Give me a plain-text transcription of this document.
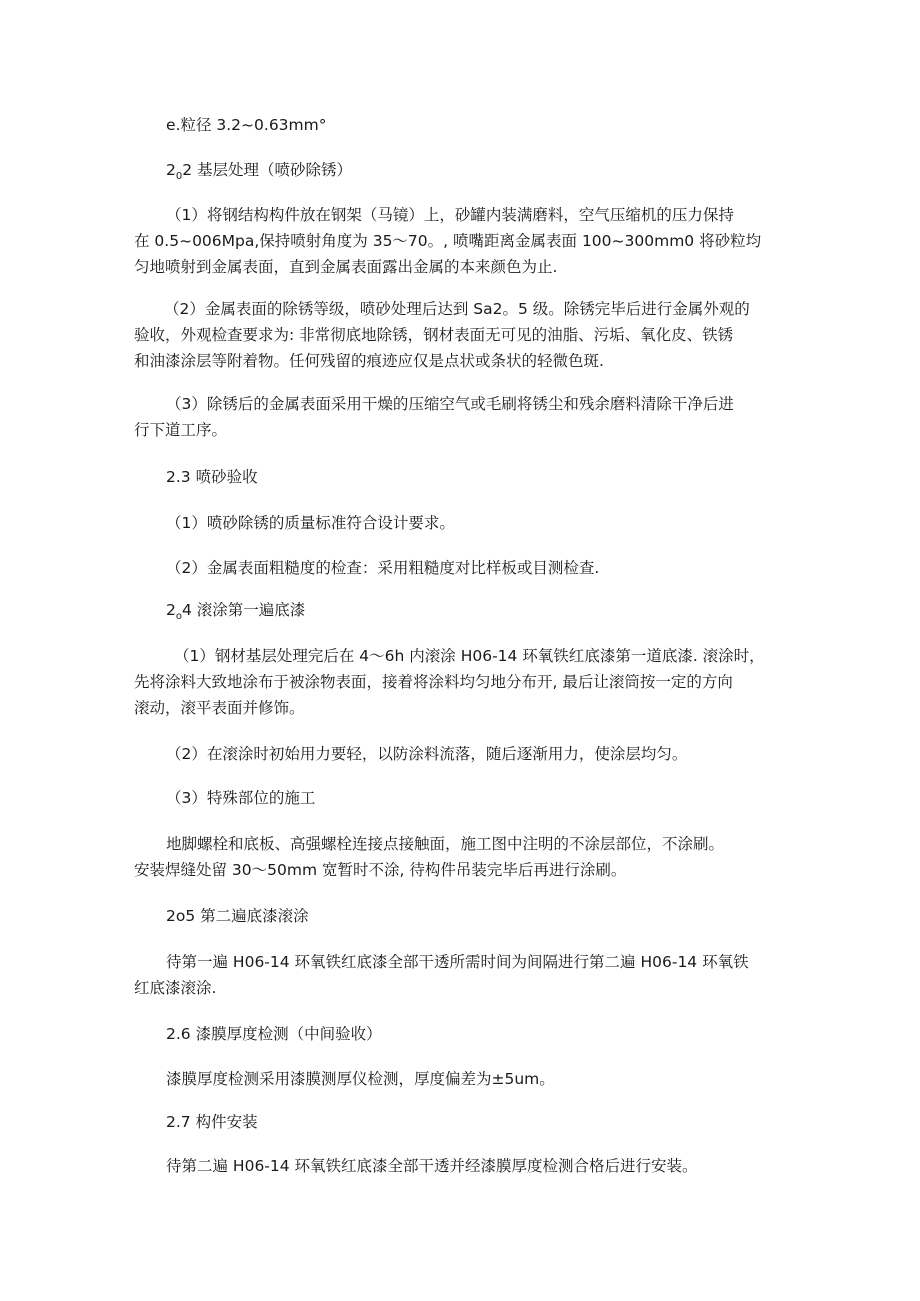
e.粒径 3.2~0.63mm°

$2_02$ 基层处理（喷砂除锈）

（1）将钢结构构件放在钢架（马镜）上，砂罐内装满磨料，空气压缩机的压力保持
在 0.5~006Mpa,保持喷射角度为 35～70。, 喷嘴距离金属表面 100~300mm0 将砂粒均
匀地喷射到金属表面，直到金属表面露出金属的本来颜色为止.

（2）金属表面的除锈等级，喷砂处理后达到 Sa2。5 级。除锈完毕后进行金属外观的
验收，外观检查要求为: 非常彻底地除锈，钢材表面无可见的油脂、污垢、氧化皮、铁锈
和油漆涂层等附着物。任何残留的痕迹应仅是点状或条状的轻微色斑.

（3）除锈后的金属表面采用干燥的压缩空气或毛刷将锈尘和残余磨料清除干净后进
行下道工序。

2.3 喷砂验收

（1）喷砂除锈的质量标准符合设计要求。

（2）金属表面粗糙度的检查：采用粗糙度对比样板或目测检查.

$2_o4$ 滚涂第一遍底漆

（1）钢材基层处理完后在 4～6h 内滚涂 H06-14 环氧铁红底漆第一道底漆. 滚涂时，
先将涂料大致地涂布于被涂物表面，接着将涂料均匀地分布开, 最后让滚筒按一定的方向
滚动，滚平表面并修饰。

（2）在滚涂时初始用力要轻，以防涂料流落，随后逐渐用力，使涂层均匀。

（3）特殊部位的施工

地脚螺栓和底板、高强螺栓连接点接触面，施工图中注明的不涂层部位，不涂刷。
安装焊缝处留 30～50mm 宽暂时不涂, 待构件吊装完毕后再进行涂刷。

2o5 第二遍底漆滚涂

待第一遍 H06-14 环氧铁红底漆全部干透所需时间为间隔进行第二遍 H06-14 环氧铁
红底漆滚涂.

2.6 漆膜厚度检测（中间验收）

漆膜厚度检测采用漆膜测厚仪检测，厚度偏差为±5um。

2.7 构件安装

待第二遍 H06-14 环氧铁红底漆全部干透并经漆膜厚度检测合格后进行安装。
